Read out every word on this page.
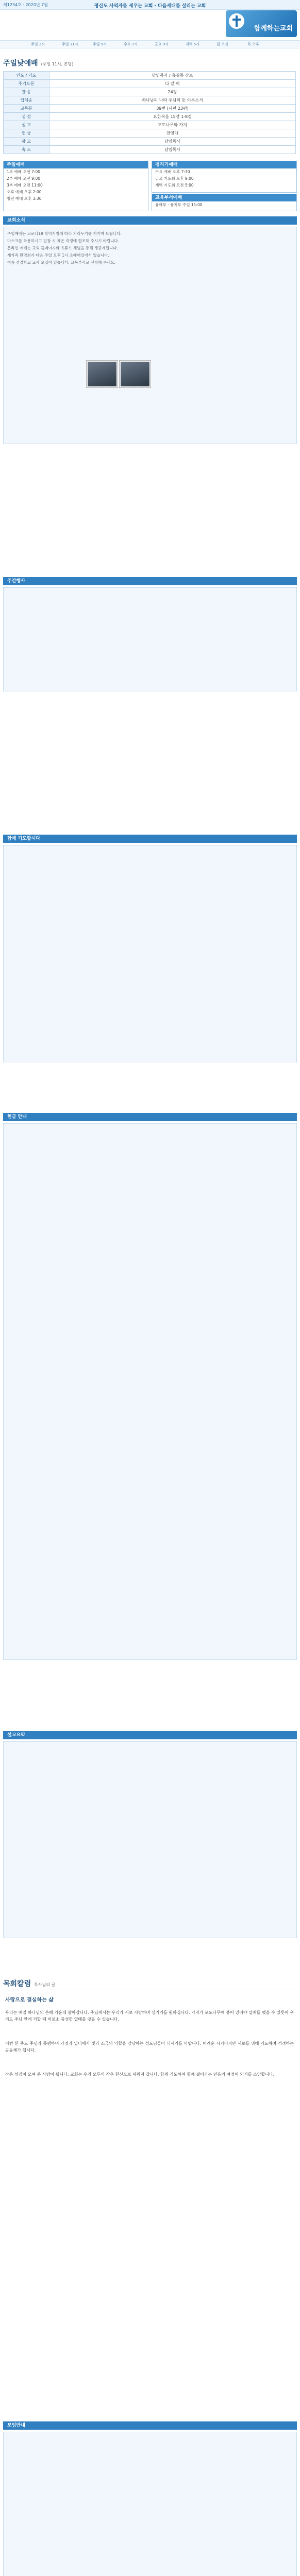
제1234호 · 2020년 7월	평신도 사역자를 세우는 교회 · 다음세대를 살리는 교회
함께하는교회
주일 2시	주일 11시	주일 9시	수요 7시	금요 9시	새벽 5시	월 오전	화 오후
주일낮예배 (주일 11시, 본당)
인도 / 기도	담임목사 / 홍길동 장로
주기도문	다 같 이
찬 송	24장
입례송	하나님의 나라 주님의 뜻 이루소서
교독문	39번 (시편 23편)
성 경	요한복음 15장 1-8절
설 교	포도나무와 가지
헌 금	찬양대
광 고	담임목사
축 도	담임목사
주일예배
1부 예배 오전 7:00
2부 예배 오전 9:00
3부 예배 오전 11:00
오후 예배 오후 2:00
청년 예배 오후 3:30
청지기예배
수요 예배 오후 7:30
금요 기도회 오후 9:00
새벽 기도회 오전 5:00
교육부서예배
유아부 · 유치부 주일 11:00
교회소식
주일예배는 코로나19 방역지침에 따라 거리두기를 지키며 드립니다.
마스크를 착용하시고 입장 시 체온 측정에 협조해 주시기 바랍니다.
온라인 예배는 교회 홈페이지와 유튜브 채널을 통해 생중계됩니다.
새가족 환영회가 다음 주일 오후 1시 소예배실에서 있습니다.
여름 성경학교 교사 모집이 있습니다. 교육부서로 신청해 주세요.
주간행사
함께 기도합시다
헌금 안내
설교요약
목회칼럼 목사님의 글
사랑으로 결실하는 삶
우리는 매일 하나님의 은혜 가운데 살아갑니다. 주님께서는 우리가 서로 사랑하며 섬기기를 원하십니다. 가지가 포도나무에 붙어 있어야 열매를 맺을 수 있듯이 우리도 주님 안에 거할 때 비로소 풍성한 열매를 맺을 수 있습니다.
이번 한 주도 주님과 동행하며 가정과 일터에서 빛과 소금의 역할을 감당하는 성도님들이 되시기를 바랍니다. 어려운 시기이지만 서로를 위해 기도하며 격려하는 공동체가 됩시다.
작은 섬김이 모여 큰 사랑이 됩니다. 교회는 우리 모두의 작은 헌신으로 세워져 갑니다. 함께 기도하며 함께 걸어가는 믿음의 여정이 되기를 소망합니다.
모임안내
